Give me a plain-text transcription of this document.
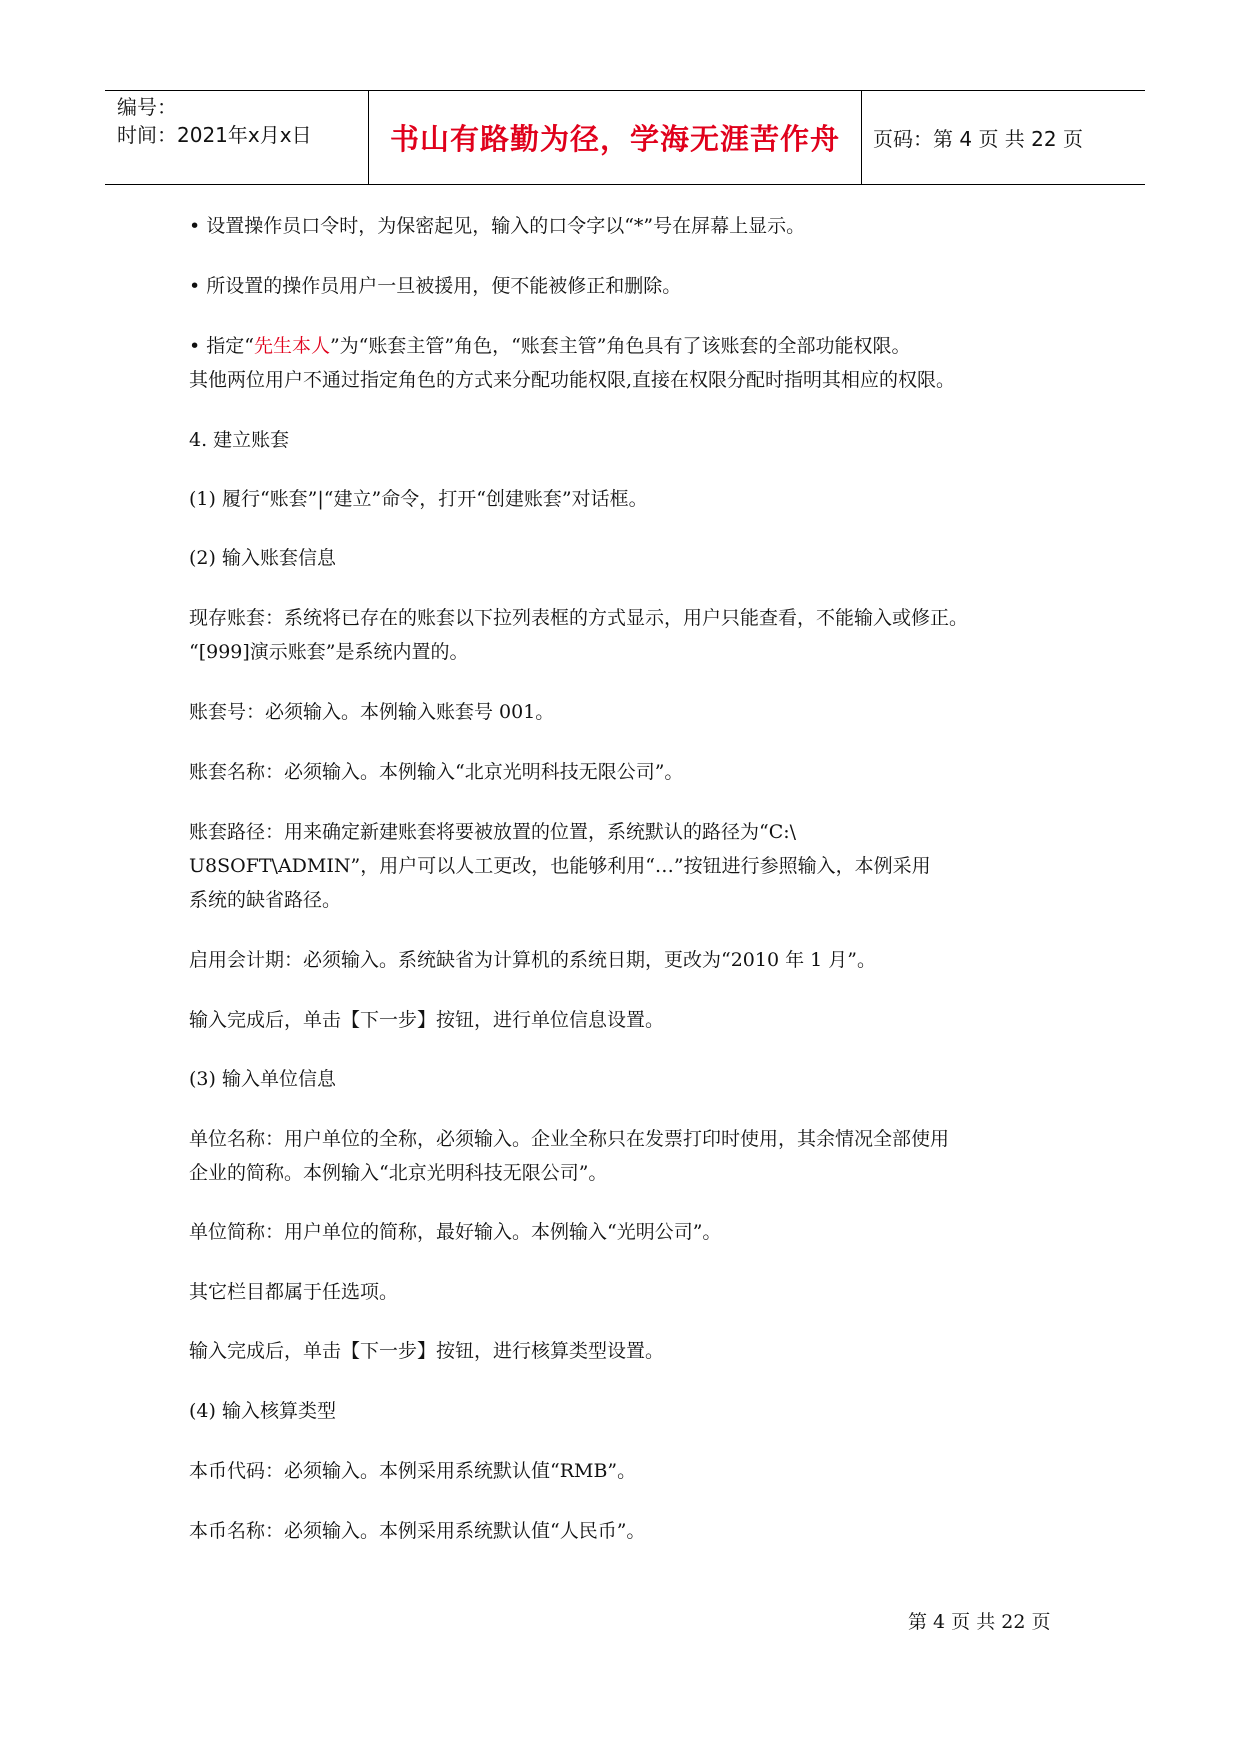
编号：
时间：2021年x月x日	书山有路勤为径，学海无涯苦作舟	页码：第 4 页 共 22 页
• 设置操作员口令时，为保密起见，输入的口令字以“*”号在屏幕上显示。
• 所设置的操作员用户一旦被援用，便不能被修正和删除。
• 指定“先生本人”为“账套主管”角色，“账套主管”角色具有了该账套的全部功能权限。
其他两位用户不通过指定角色的方式来分配功能权限,直接在权限分配时指明其相应的权限。
4. 建立账套
(1) 履行“账套”|“建立”命令，打开“创建账套”对话框。
(2) 输入账套信息
现存账套：系统将已存在的账套以下拉列表框的方式显示，用户只能查看，不能输入或修正。
“[999]演示账套”是系统内置的。
账套号：必须输入。本例输入账套号 001。
账套名称：必须输入。本例输入“北京光明科技无限公司”。
账套路径：用来确定新建账套将要被放置的位置，系统默认的路径为“C:\
U8SOFT\ADMIN”，用户可以人工更改，也能够利用“…”按钮进行参照输入，本例采用
系统的缺省路径。
启用会计期：必须输入。系统缺省为计算机的系统日期，更改为“2010 年 1 月”。
输入完成后，单击【下一步】按钮，进行单位信息设置。
(3) 输入单位信息
单位名称：用户单位的全称，必须输入。企业全称只在发票打印时使用，其余情况全部使用
企业的简称。本例输入“北京光明科技无限公司”。
单位简称：用户单位的简称，最好输入。本例输入“光明公司”。
其它栏目都属于任选项。
输入完成后，单击【下一步】按钮，进行核算类型设置。
(4) 输入核算类型
本币代码：必须输入。本例采用系统默认值“RMB”。
本币名称：必须输入。本例采用系统默认值“人民币”。
第 4 页 共 22 页
